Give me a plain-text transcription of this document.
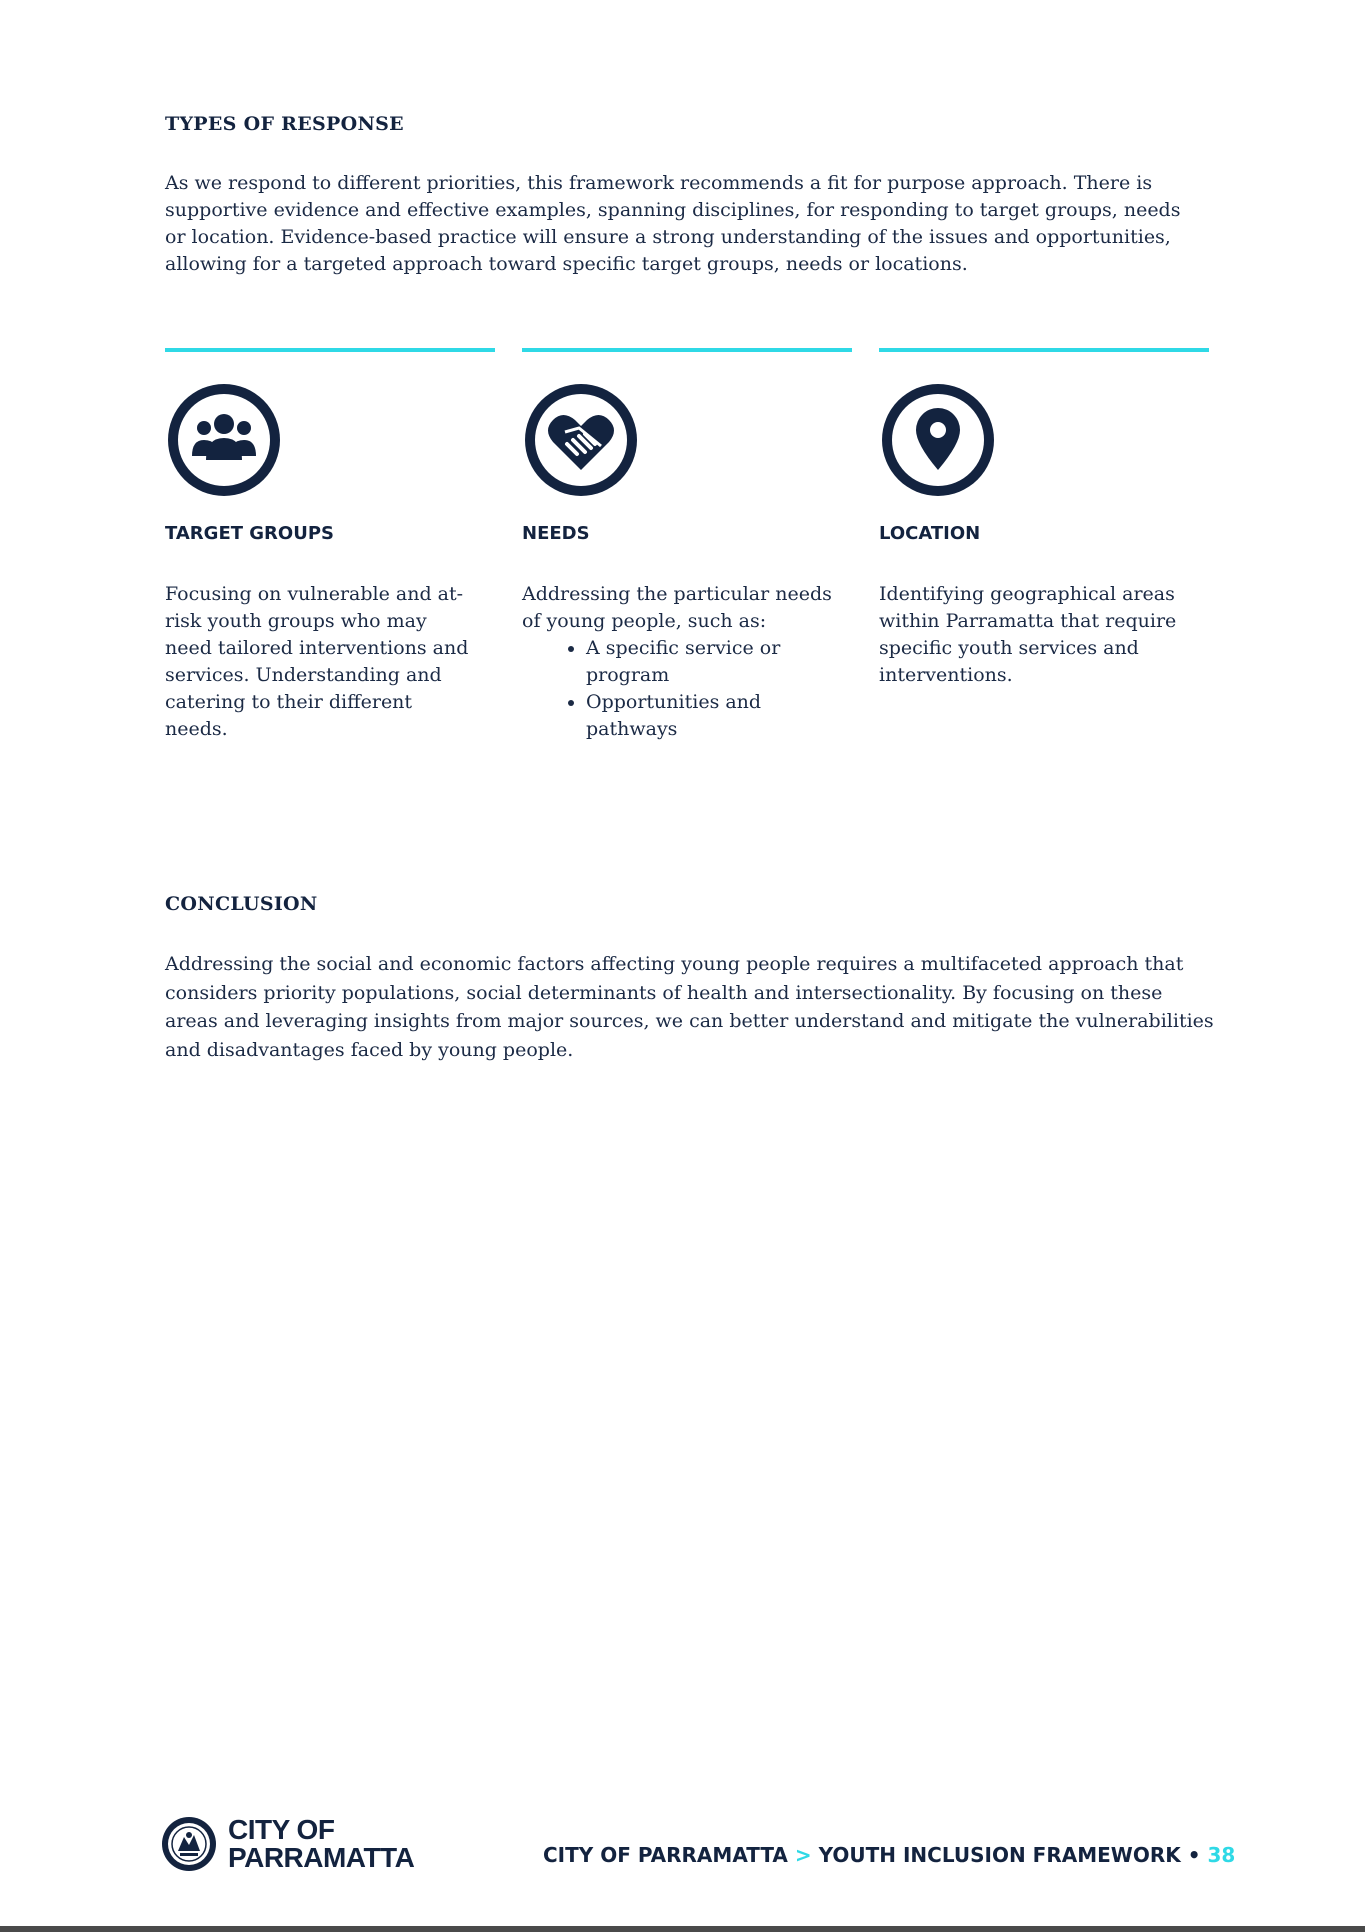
TYPES OF RESPONSE

As we respond to different priorities, this framework recommends a fit for purpose approach. There is supportive evidence and effective examples, spanning disciplines, for responding to target groups, needs or location. Evidence-based practice will ensure a strong understanding of the issues and opportunities, allowing for a targeted approach toward specific target groups, needs or locations.

TARGET GROUPS

Focusing on vulnerable and at-risk youth groups who may need tailored interventions and services. Understanding and catering to their different needs.

NEEDS
Addressing the particular needs of young people, such as:
• A specific service or program
• Opportunities and pathways
LOCATION

Identifying geographical areas within Parramatta that require specific youth services and interventions.

CONCLUSION

Addressing the social and economic factors affecting young people requires a multifaceted approach that considers priority populations, social determinants of health and intersectionality. By focusing on these areas and leveraging insights from major sources, we can better understand and mitigate the vulnerabilities and disadvantages faced by young people.

CITY OF
PARRAMATTA	CITY OF PARRAMATTA > YOUTH INCLUSION FRAMEWORK • 38
